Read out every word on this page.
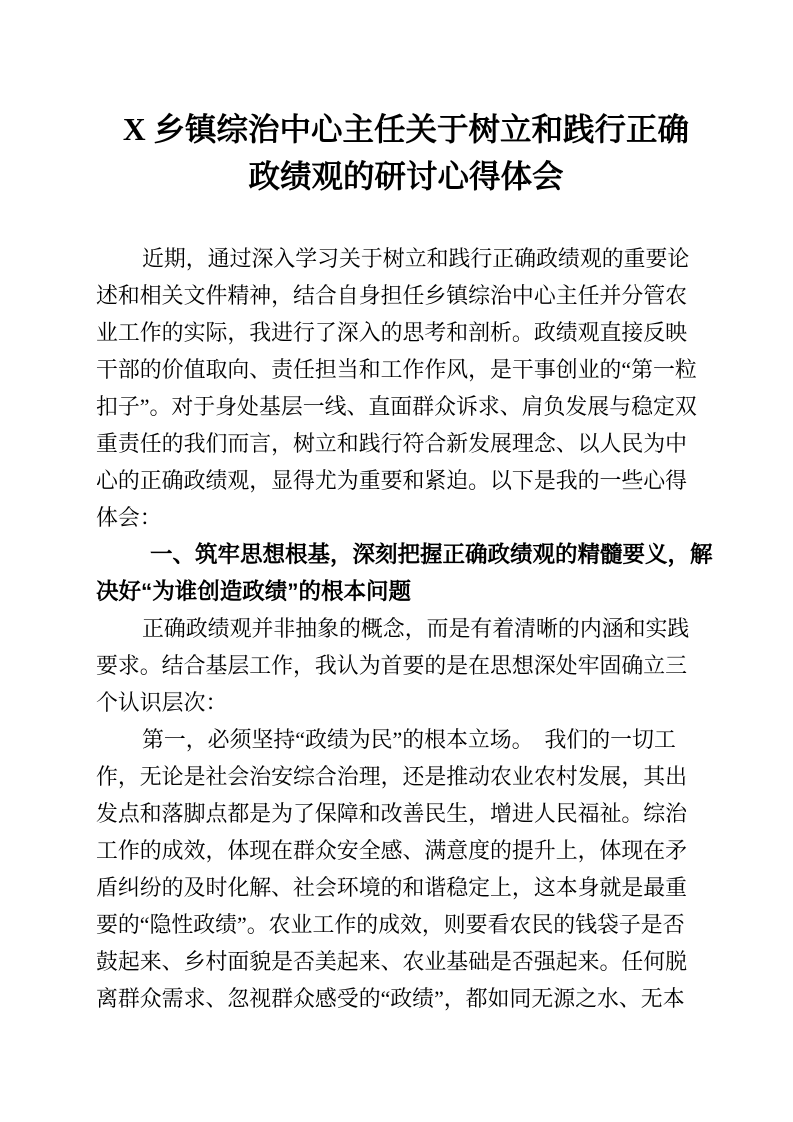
X 乡镇综治中心主任关于树立和践行正确
政绩观的研讨心得体会
近期，通过深入学习关于树立和践行正确政绩观的重要论
述和相关文件精神，结合自身担任乡镇综治中心主任并分管农
业工作的实际，我进行了深入的思考和剖析。政绩观直接反映
干部的价值取向、责任担当和工作作风，是干事创业的“第一粒
扣子”。对于身处基层一线、直面群众诉求、肩负发展与稳定双
重责任的我们而言，树立和践行符合新发展理念、以人民为中
心的正确政绩观，显得尤为重要和紧迫。以下是我的一些心得
体会：
一、筑牢思想根基，深刻把握正确政绩观的精髓要义，解
决好“为谁创造政绩”的根本问题
正确政绩观并非抽象的概念，而是有着清晰的内涵和实践
要求。结合基层工作，我认为首要的是在思想深处牢固确立三
个认识层次：
第一，必须坚持“政绩为民”的根本立场。　我们的一切工
作，无论是社会治安综合治理，还是推动农业农村发展，其出
发点和落脚点都是为了保障和改善民生，增进人民福祉。综治
工作的成效，体现在群众安全感、满意度的提升上，体现在矛
盾纠纷的及时化解、社会环境的和谐稳定上，这本身就是最重
要的“隐性政绩”。农业工作的成效，则要看农民的钱袋子是否
鼓起来、乡村面貌是否美起来、农业基础是否强起来。任何脱
离群众需求、忽视群众感受的“政绩”，都如同无源之水、无本
